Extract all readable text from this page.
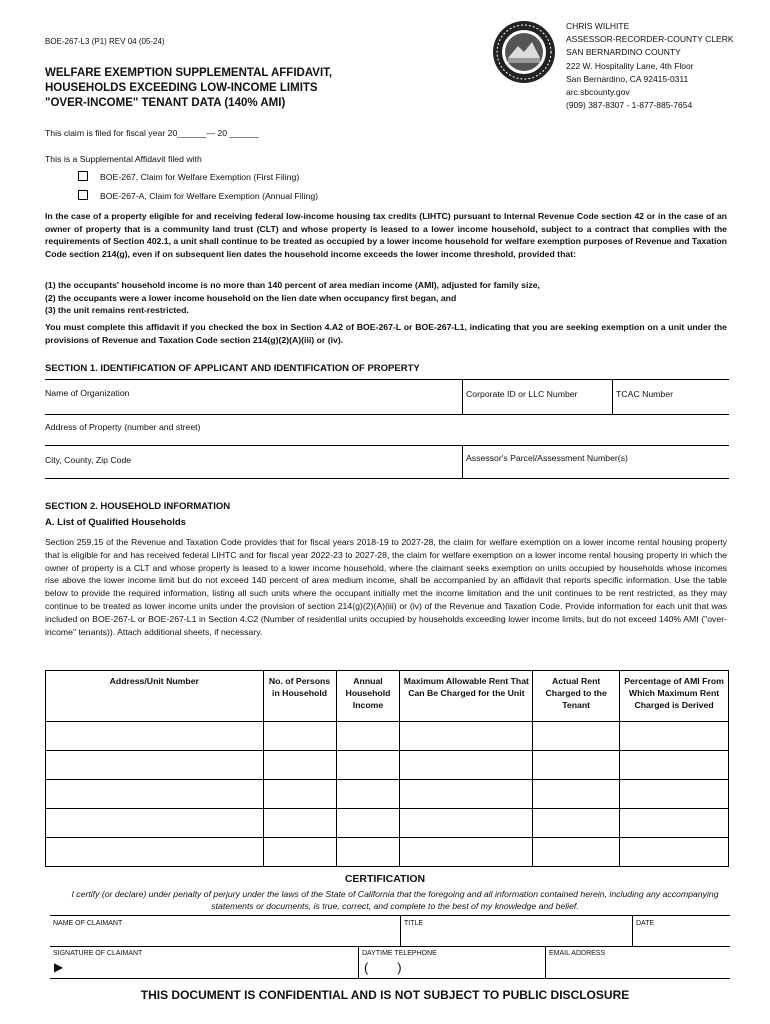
BOE-267-L3 (P1) REV 04 (05-24)
WELFARE EXEMPTION SUPPLEMENTAL AFFIDAVIT,
HOUSEHOLDS EXCEEDING LOW-INCOME LIMITS
"OVER-INCOME" TENANT DATA (140% AMI)
CHRIS WILHITE
ASSESSOR-RECORDER-COUNTY CLERK
SAN BERNARDINO COUNTY
222 W. Hospitality Lane, 4th Floor
San Bernardino, CA 92415-0311
arc.sbcounty.gov
(909) 387-8307 - 1-877-885-7654
This claim is filed for fiscal year 20______— 20 ______
This is a Supplemental Affidavit filed with
BOE-267, Claim for Welfare Exemption (First Filing)
BOE-267-A, Claim for Welfare Exemption (Annual Filing)
In the case of a property eligible for and receiving federal low-income housing tax credits (LIHTC) pursuant to Internal Revenue Code section 42 or in the case of an owner of property that is a community land trust (CLT) and whose property is leased to a lower income household, subject to a contract that complies with the requirements of Section 402.1, a unit shall continue to be treated as occupied by a lower income household for welfare exemption purposes of Revenue and Taxation Code section 214(g), even if on subsequent lien dates the household income exceeds the lower income threshold, provided that:
(1) the occupants' household income is no more than 140 percent of area median income (AMI), adjusted for family size,
(2) the occupants were a lower income household on the lien date when occupancy first began, and
(3) the unit remains rent-restricted.
You must complete this affidavit if you checked the box in Section 4.A2 of BOE-267-L or BOE-267-L1, indicating that you are seeking exemption on a unit under the provisions of Revenue and Taxation Code section 214(g)(2)(A)(iii) or (iv).
SECTION 1. IDENTIFICATION OF APPLICANT AND IDENTIFICATION OF PROPERTY
Name of Organization	Corporate ID or LLC Number	TCAC Number
Address of Property (number and street)
City, County, Zip Code	Assessor's Parcel/Assessment Number(s)
SECTION 2. HOUSEHOLD INFORMATION
A. List of Qualified Households
Section 259.15 of the Revenue and Taxation Code provides that for fiscal years 2018-19 to 2027-28, the claim for welfare exemption on a lower income rental housing property that is eligible for and has received federal LIHTC and for fiscal year 2022-23 to 2027-28, the claim for welfare exemption on a lower income rental housing property in which the owner of property is a CLT and whose property is leased to a lower income household, where the claimant seeks exemption on units occupied by households whose incomes rise above the lower income limit but do not exceed 140 percent of area medium income, shall be accompanied by an affidavit that reports specific information. Use the table below to provide the required information, listing all such units where the occupant initially met the income limitation and the unit continues to be rent restricted, as they may continue to be treated as lower income units under the provision of section 214(g)(2)(A)(iii) or (iv) of the Revenue and Taxation Code. Provide information for each unit that was included on BOE-267-L or BOE-267-L1 in Section 4.C2 (Number of residential units occupied by households exceeding lower income limits, but do not exceed 140% AMI ("over-income" tenants)). Attach additional sheets, if necessary.
Address/Unit Number	No. of Persons in Household	Annual Household Income	Maximum Allowable Rent That Can Be Charged for the Unit	Actual Rent Charged to the Tenant	Percentage of AMI From Which Maximum Rent Charged is Derived

CERTIFICATION
I certify (or declare) under penalty of perjury under the laws of the State of California that the foregoing and all information contained herein, including any accompanying statements or documents, is true, correct, and complete to the best of my knowledge and belief.
NAME OF CLAIMANT	TITLE	DATE
SIGNATURE OF CLAIMANT
▶
DAYTIME TELEPHONE
(        )
EMAIL ADDRESS
THIS DOCUMENT IS CONFIDENTIAL AND IS NOT SUBJECT TO PUBLIC DISCLOSURE
